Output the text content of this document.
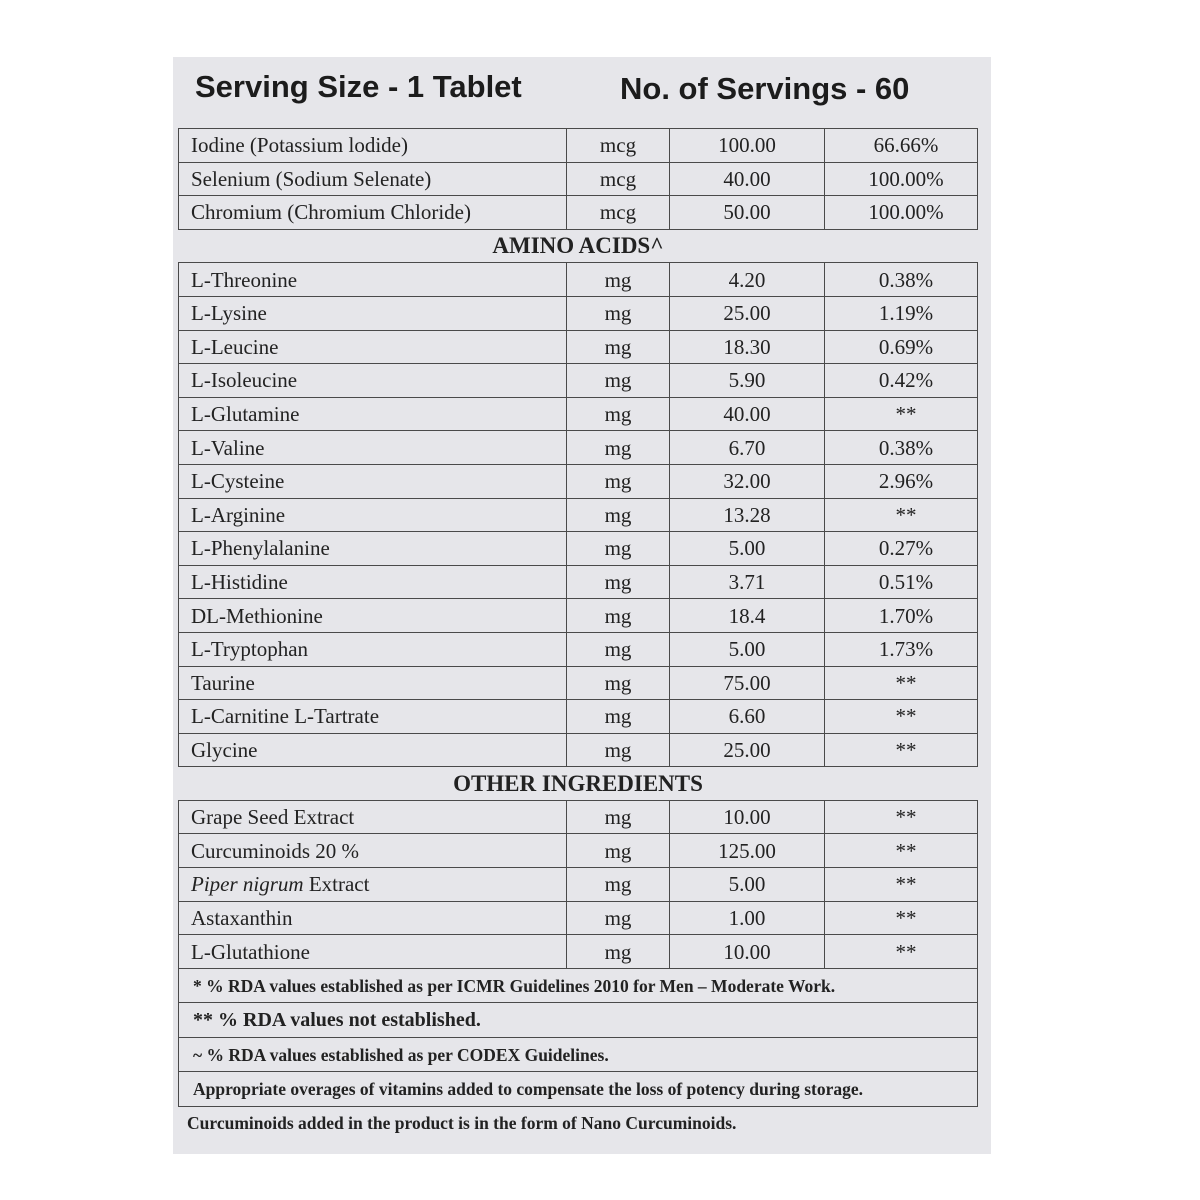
Serving Size - 1 Tablet	No. of Servings - 60
Iodine (Potassium lodide)	mcg	100.00	66.66%
Selenium (Sodium Selenate)	mcg	40.00	100.00%
Chromium (Chromium Chloride)	mcg	50.00	100.00%
AMINO ACIDS^			
L-Threonine	mg	4.20	0.38%
L-Lysine	mg	25.00	1.19%
L-Leucine	mg	18.30	0.69%
L-Isoleucine	mg	5.90	0.42%
L-Glutamine	mg	40.00	**
L-Valine	mg	6.70	0.38%
L-Cysteine	mg	32.00	2.96%
L-Arginine	mg	13.28	**
L-Phenylalanine	mg	5.00	0.27%
L-Histidine	mg	3.71	0.51%
DL-Methionine	mg	18.4	1.70%
L-Tryptophan	mg	5.00	1.73%
Taurine	mg	75.00	**
L-Carnitine L-Tartrate	mg	6.60	**
Glycine	mg	25.00	**
OTHER INGREDIENTS			
Grape Seed Extract	mg	10.00	**
Curcuminoids 20 %	mg	125.00	**
Piper nigrum Extract	mg	5.00	**
Astaxanthin	mg	1.00	**
L-Glutathione	mg	10.00	**
* % RDA values established as per ICMR Guidelines 2010 for Men – Moderate Work.			
** % RDA values not established.			
~ % RDA values established as per CODEX Guidelines.			
Appropriate overages of vitamins added to compensate the loss of potency during storage.			
Curcuminoids added in the product is in the form of Nano Curcuminoids.
